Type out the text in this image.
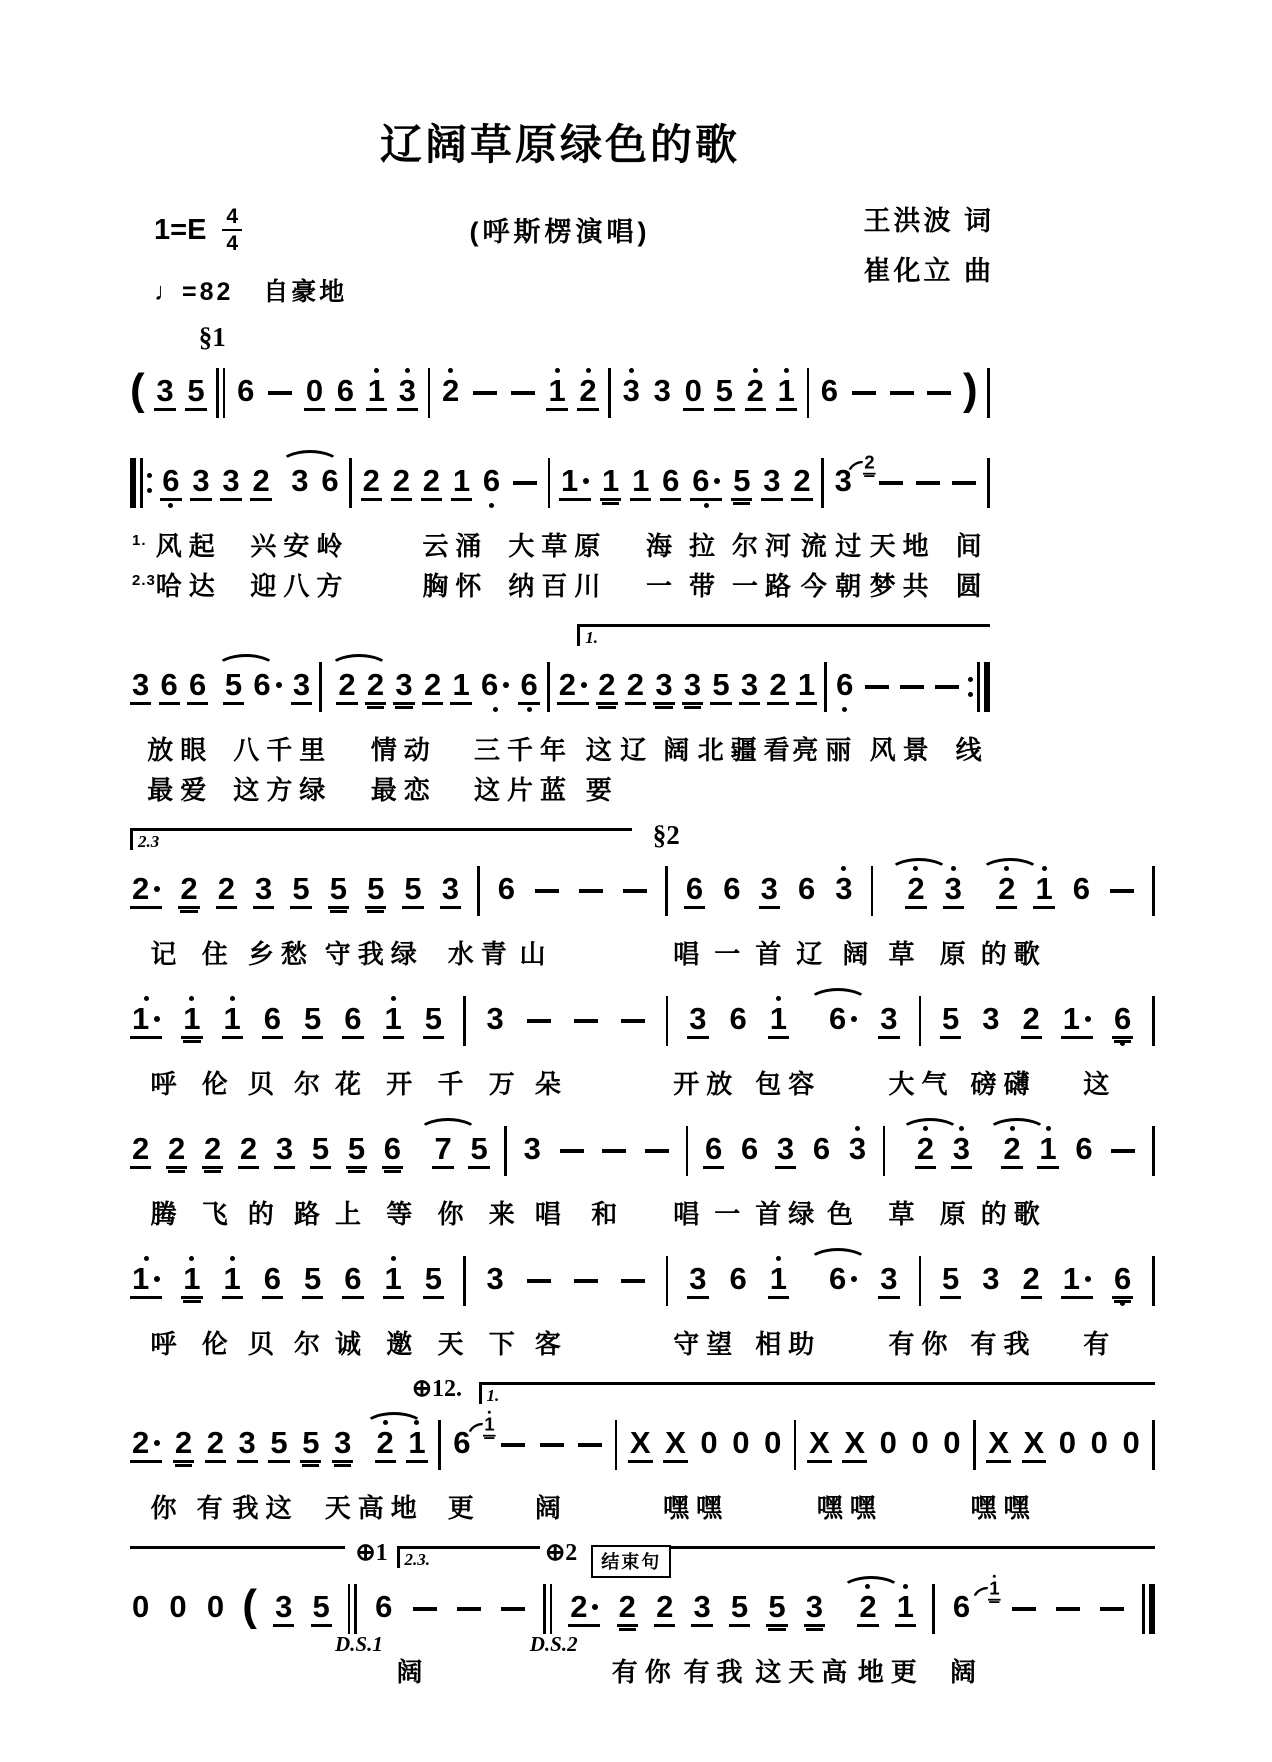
辽阔草原绿色的歌
$1=E \frac{4}{4}$	(呼斯楞演唱)	王洪波 词
崔化立 曲
♩=82 自豪地
§1
( 3 5 6 0 6 1 3 2	1 2 3 3 0 5 2 1 6	)
6 3 3 2 3 6 2 2 2 1 6 1 1 1 6 6 5 3 2 3
2
1. 风起 兴安岭	云涌 大草原 海 拉 尔河 流 过 天地 间
2.3 哈达 迎八方	胸怀 纳百川 一 带 一路 今 朝 梦共 圆
1.
3 6 6 5 6 3 2 2 3 2 1 6 6 2 2 2 3 3 5 3 2 1 6
放眼 八千里 情动 三千年 这 辽 阔 北疆看
亮丽 风景 线
最爱 这方绿 最恋 这片蓝 要
2.3	§2
2 2 2 3 5 5 5 5 3 6	6 6 3 6 3 2 3 2 1 6
记 住 乡愁 守我绿 水青 山	唱 一 首 辽 阔 草 原 的歌
1 1 1 6 5 6 1 5 3	3 6 1 6 3 5 3 2 1 6
呼 伦 贝 尔 花 开 千 万 朵	开放 包容	大气 磅礴 这
2 2 2 2 3 5 5 6 7 5 3	6 6 3 6 3 2 3 2 1 6
腾 飞 的 路 上 等 你 来 唱 和 唱 一 首绿 色 草 原 的歌
1 1 1 6 5 6 1 5 3	3 6 1 6 3 5 3 2 1 6
呼 伦 贝 尔 诚 邀 天 下 客	守望 相助	有你 有我 有
⊕12. 1.
2 2 2 3 5 5 3 2 1 6
1
X X 0 0 0 X X 0 0 0 X X 0 0 0
你 有 我这 天高地 更 阔	嘿嘿	嘿嘿	嘿嘿
⊕1 2.3.	⊕2	结束句
0 0 0 ( 3 5 6	2 2 2 3 5 5 3 2 1 6
1
D.S.1	D.S.2
阔	有你 有我 这天高 地更 阔
